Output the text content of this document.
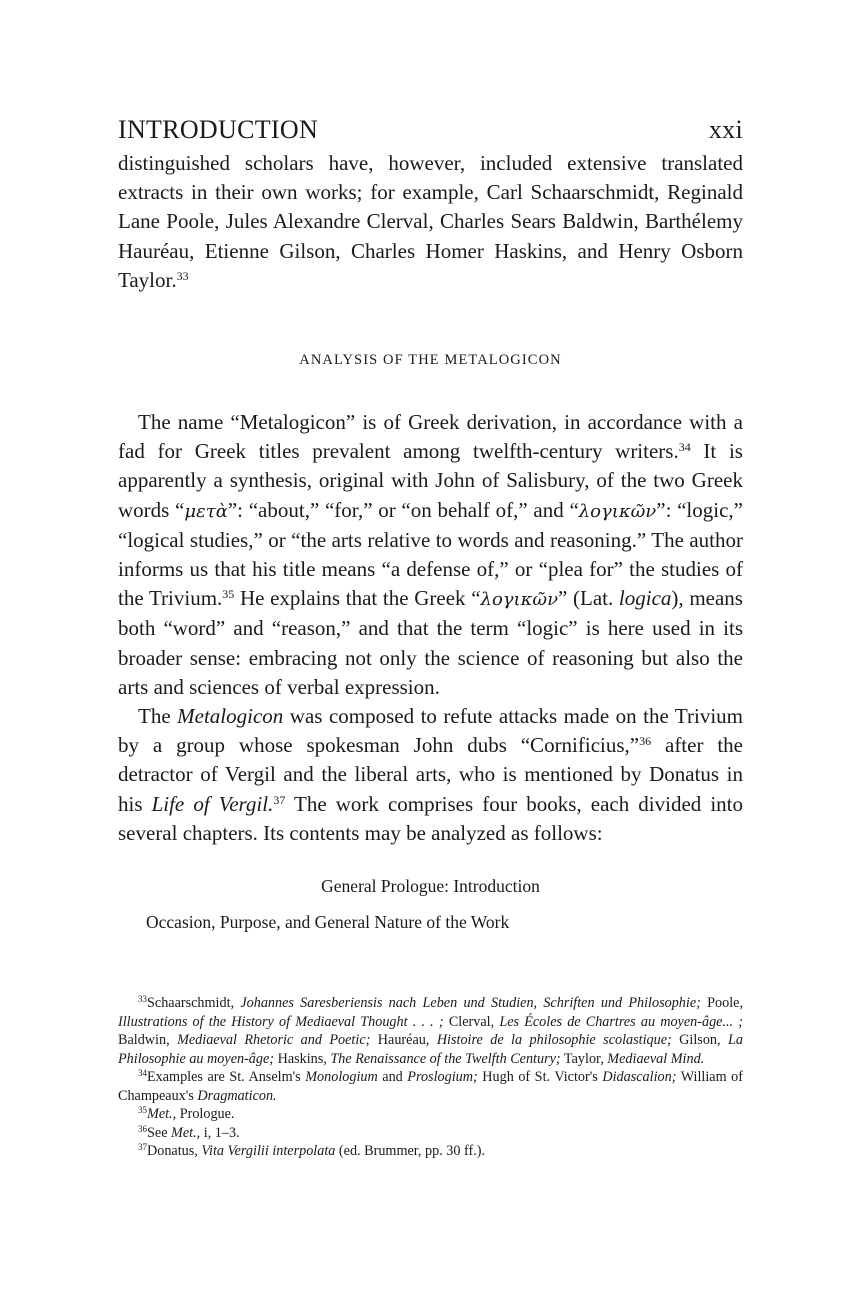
INTRODUCTION	xxi

distinguished scholars have, however, included extensive translated extracts in their own works; for example, Carl Schaarschmidt, Reginald Lane Poole, Jules Alexandre Clerval, Charles Sears Baldwin, Barthélemy Hauréau, Etienne Gilson, Charles Homer Haskins, and Henry Osborn Taylor.$^{33}$

ANALYSIS OF THE METALOGICON

The name “Metalogicon” is of Greek derivation, in accordance with a fad for Greek titles prevalent among twelfth-century writers.$^{34}$ It is apparently a synthesis, original with John of Salisbury, of the two Greek words “μετὰ”: “about,” “for,” or “on behalf of,” and “λογικῶν”: “logic,” “logical studies,” or “the arts relative to words and reasoning.” The author informs us that his title means “a defense of,” or “plea for” the studies of the Trivium.$^{35}$ He explains that the Greek “λογικῶν” (Lat. logica), means both “word” and “reason,” and that the term “logic” is here used in its broader sense: embracing not only the science of reasoning but also the arts and sciences of verbal expression.

The Metalogicon was composed to refute attacks made on the Trivium by a group whose spokesman John dubs “Cornificius,”$^{36}$ after the detractor of Vergil and the liberal arts, who is mentioned by Donatus in his Life of Vergil.$^{37}$ The work comprises four books, each divided into several chapters. Its contents may be analyzed as follows:

General Prologue: Introduction
Occasion, Purpose, and General Nature of the Work

$^{33}$Schaarschmidt, Johannes Saresberiensis nach Leben und Studien, Schriften und Philosophie; Poole, Illustrations of the History of Mediaeval Thought . . . ; Clerval, Les Écoles de Chartres au moyen-âge... ; Baldwin, Mediaeval Rhetoric and Poetic; Hauréau, Histoire de la philosophie scolastique; Gilson, La Philosophie au moyen-âge; Haskins, The Renaissance of the Twelfth Century; Taylor, Mediaeval Mind.

$^{34}$Examples are St. Anselm's Monologium and Proslogium; Hugh of St. Victor's Didascalion; William of Champeaux's Dragmaticon.

$^{35}$Met., Prologue.

$^{36}$See Met., i, 1–3.

$^{37}$Donatus, Vita Vergilii interpolata (ed. Brummer, pp. 30 ff.).
